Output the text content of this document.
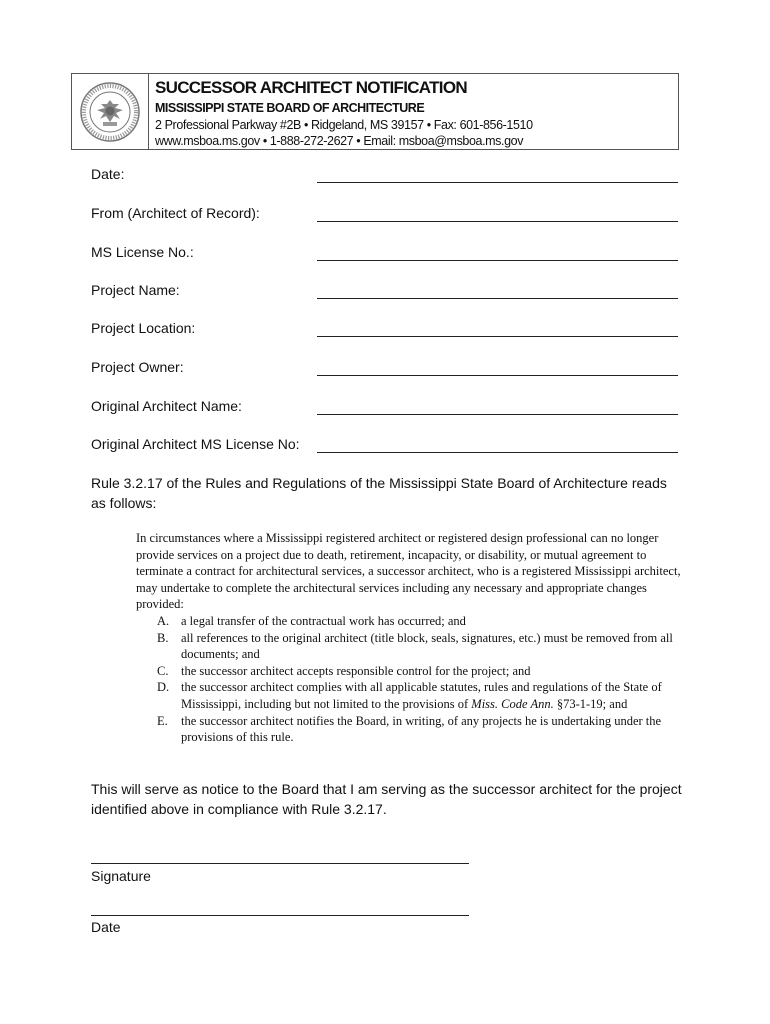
SUCCESSOR ARCHITECT NOTIFICATION
MISSISSIPPI STATE BOARD OF ARCHITECTURE
2 Professional Parkway #2B • Ridgeland, MS 39157 • Fax: 601-856-1510
www.msboa.ms.gov • 1-888-272-2627 • Email: msboa@msboa.ms.gov
Date:
From (Architect of Record):
MS License No.:
Project Name:
Project Location:
Project Owner:
Original Architect Name:
Original Architect MS License No:
Rule 3.2.17 of the Rules and Regulations of the Mississippi State Board of Architecture reads as follows:

In circumstances where a Mississippi registered architect or registered design professional can no longer provide services on a project due to death, retirement, incapacity, or disability, or mutual agreement to terminate a contract for architectural services, a successor architect, who is a registered Mississippi architect, may undertake to complete the architectural services including any necessary and appropriate changes provided:

A. a legal transfer of the contractual work has occurred; and
B.	all references to the original architect (title block, seals, signatures, etc.) must be removed from all documents; and
C.	the successor architect accepts responsible control for the project; and
D. the successor architect complies with all applicable statutes, rules and regulations of the State of Mississippi, including but not limited to the provisions of Miss. Code Ann. §73-1-19; and
E.	the successor architect notifies the Board, in writing, of any projects he is undertaking under the provisions of this rule.
This will serve as notice to the Board that I am serving as the successor architect for the project identified above in compliance with Rule 3.2.17.
Signature
Date
